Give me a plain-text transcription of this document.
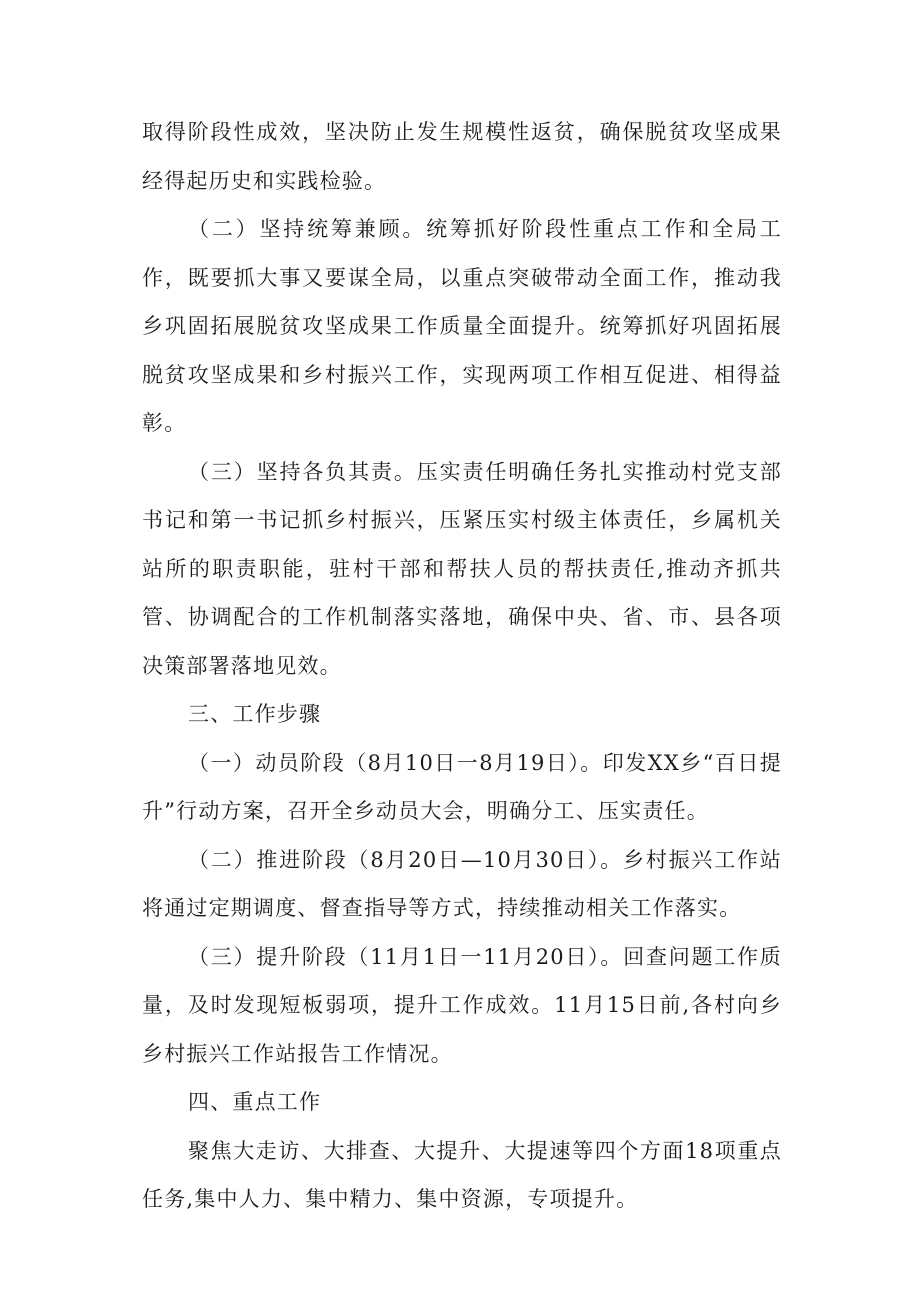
取得阶段性成效，坚决防止发生规模性返贫，确保脱贫攻坚成果经得起历史和实践检验。

（二）坚持统筹兼顾。统筹抓好阶段性重点工作和全局工作，既要抓大事又要谋全局，以重点突破带动全面工作，推动我乡巩固拓展脱贫攻坚成果工作质量全面提升。统筹抓好巩固拓展脱贫攻坚成果和乡村振兴工作，实现两项工作相互促进、相得益彰。

（三）坚持各负其责。压实责任明确任务扎实推动村党支部书记和第一书记抓乡村振兴，压紧压实村级主体责任，乡属机关站所的职责职能，驻村干部和帮扶人员的帮扶责任,推动齐抓共管、协调配合的工作机制落实落地，确保中央、省、市、县各项决策部署落地见效。

三、工作步骤

（一）动员阶段（8月10日一8月19日）。印发XX乡“百日提升”行动方案，召开全乡动员大会，明确分工、压实责任。

（二）推进阶段（8月20日—10月30日）。乡村振兴工作站将通过定期调度、督查指导等方式，持续推动相关工作落实。

（三）提升阶段（11月1日一11月20日）。回查问题工作质量，及时发现短板弱项，提升工作成效。11月15日前,各村向乡乡村振兴工作站报告工作情况。

四、重点工作

聚焦大走访、大排查、大提升、大提速等四个方面18项重点任务,集中人力、集中精力、集中资源，专项提升。
